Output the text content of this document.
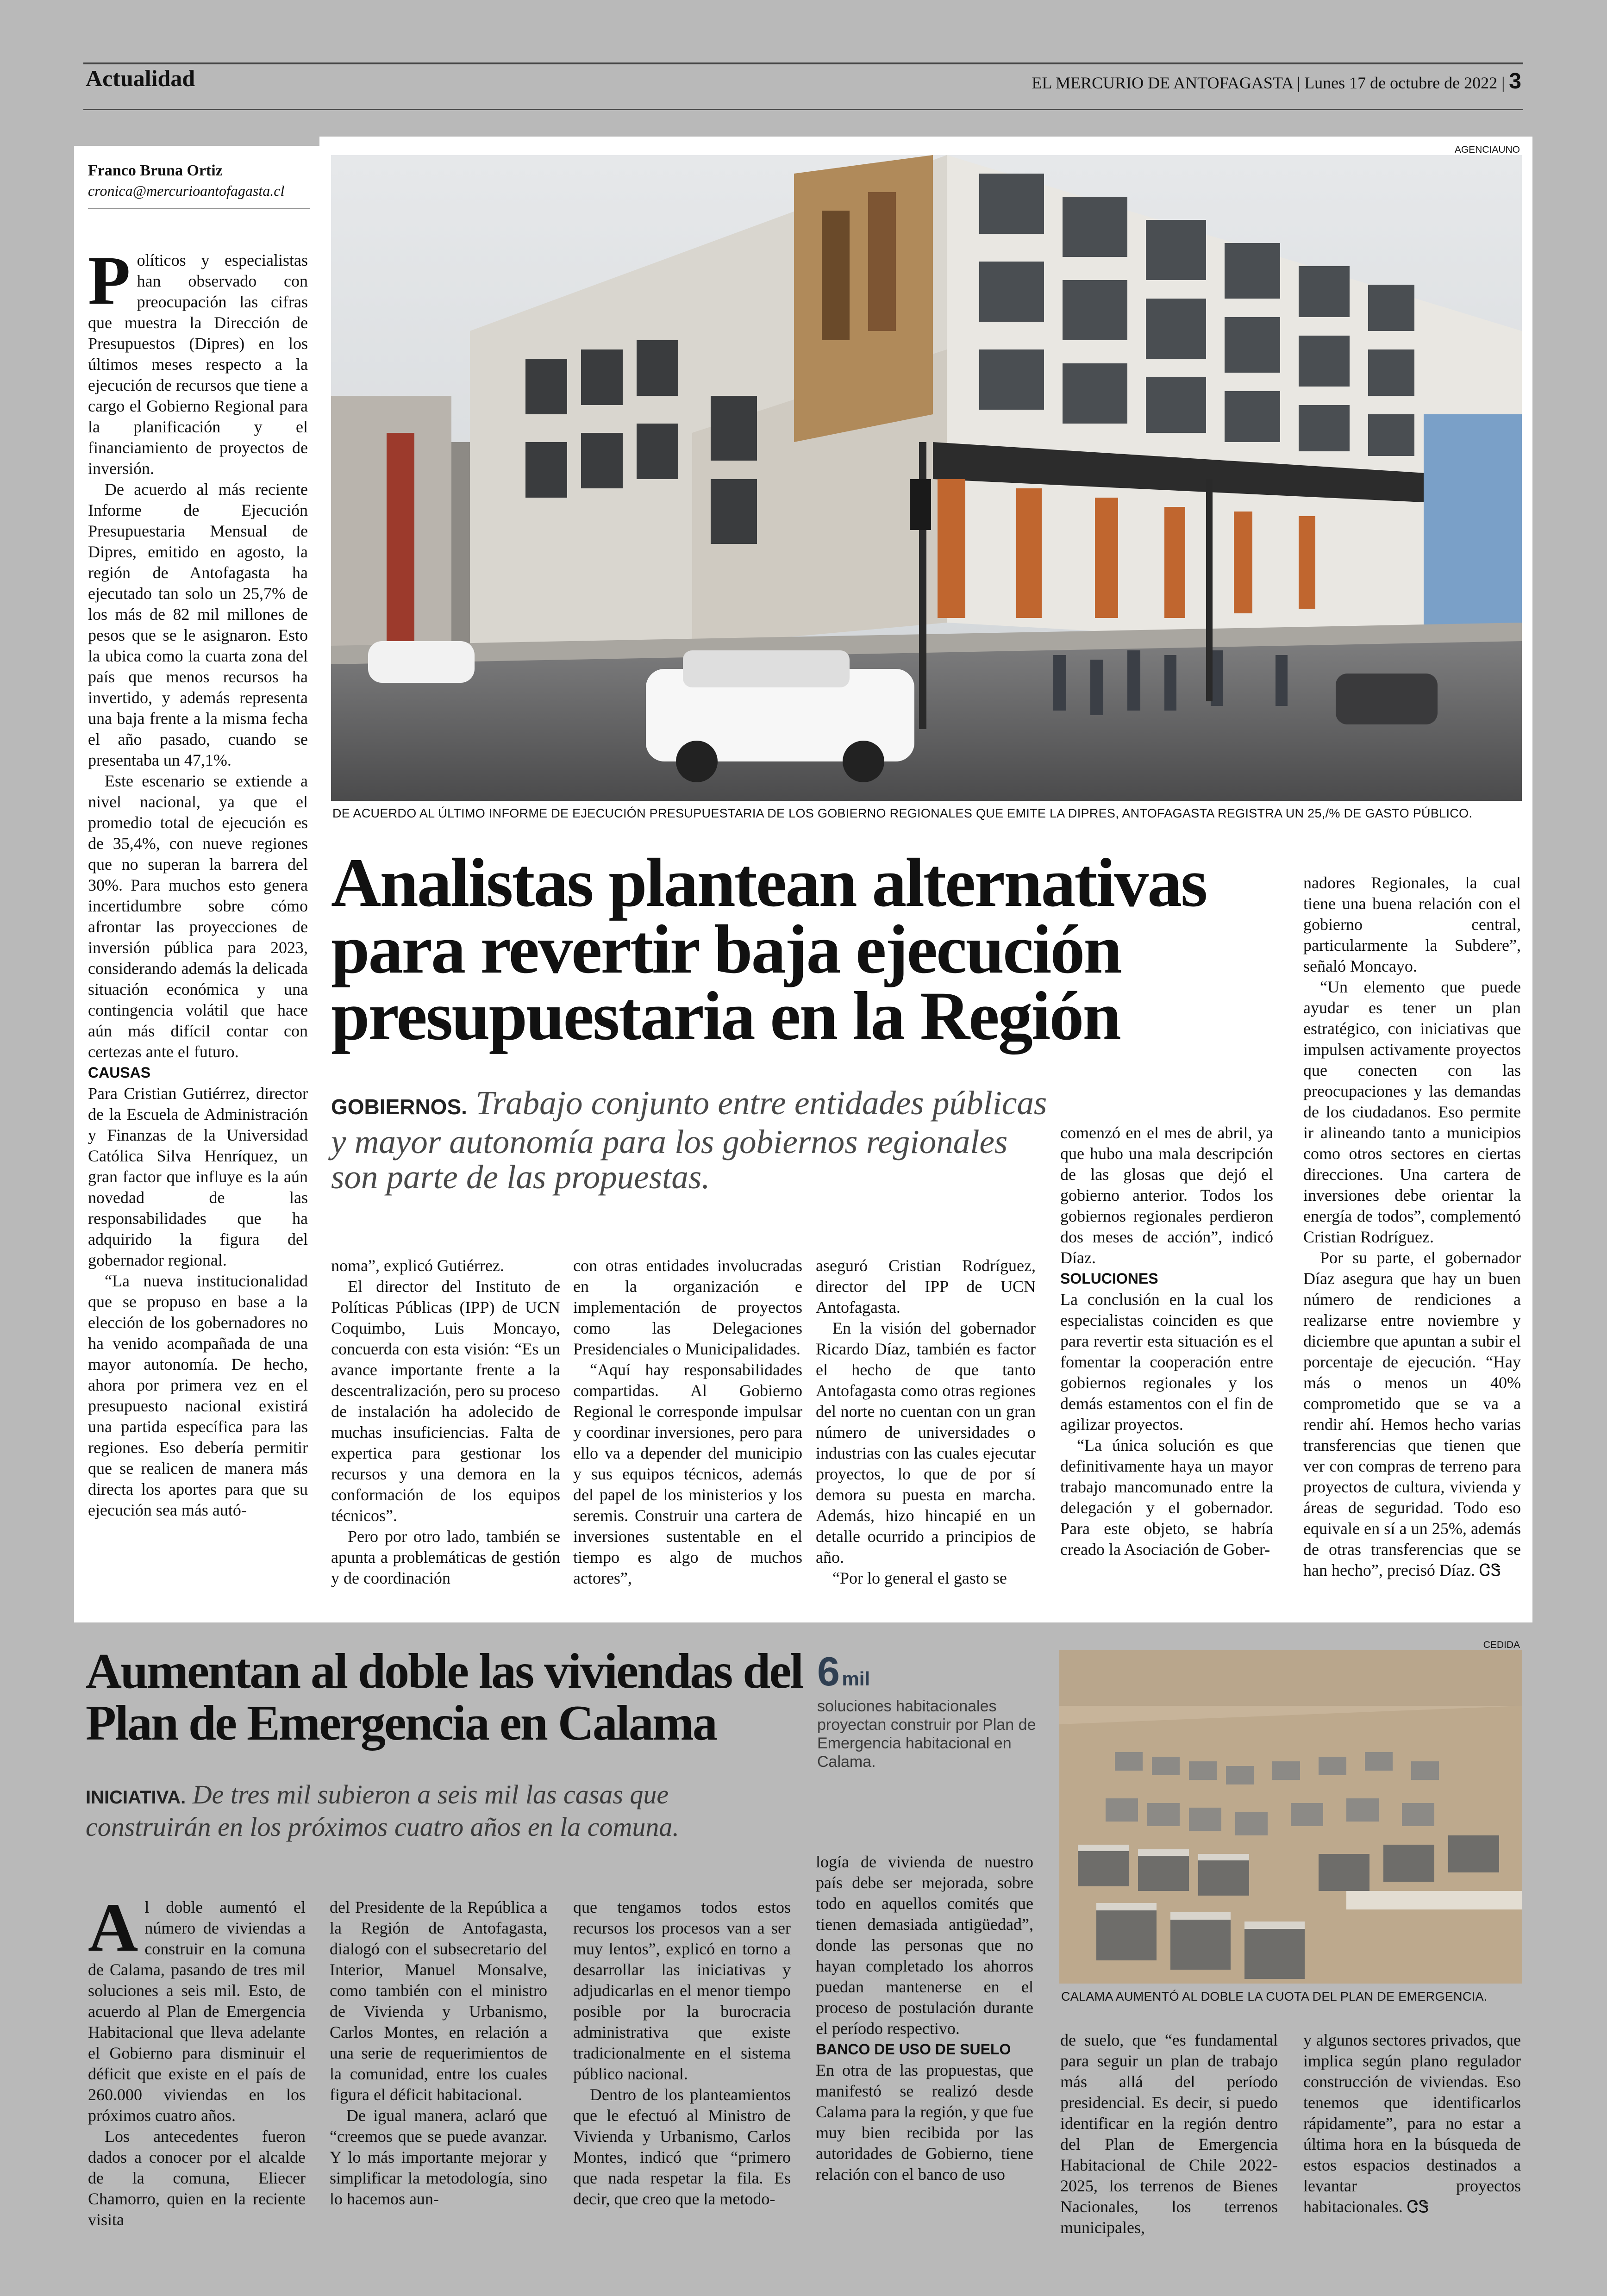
Actualidad	EL MERCURIO DE ANTOFAGASTA | Lunes 17 de octubre de 2022 | 3
Franco Bruna Ortiz
cronica@mercurioantofagasta.cl
AGENCIAUNO
DE ACUERDO AL ÚLTIMO INFORME DE EJECUCIÓN PRESUPUESTARIA DE LOS GOBIERNO REGIONALES QUE EMITE LA DIPRES, ANTOFAGASTA REGISTRA UN 25,/% DE GASTO PÚBLICO.
Analistas plantean alternativas para revertir baja ejecución presupuestaria en la Región
GOBIERNOS. Trabajo conjunto entre entidades públicas y mayor autonomía para los gobiernos regionales son parte de las propuestas.
P olíticos y especialistas han observado con preocupación las cifras que muestra la Dirección de Presupuestos (Dipres) en los últimos meses respecto a la ejecución de recursos que tiene a cargo el Gobierno Regional para la planificación y el financiamiento de proyectos de inversión.

De acuerdo al más reciente Informe de Ejecución Presupuestaria Mensual de Dipres, emitido en agosto, la región de Antofagasta ha ejecutado tan solo un 25,7% de los más de 82 mil millones de pesos que se le asignaron. Esto la ubica como la cuarta zona del país que menos recursos ha invertido, y además representa una baja frente a la misma fecha el año pasado, cuando se presentaba un 47,1%.

Este escenario se extiende a nivel nacional, ya que el promedio total de ejecución es de 35,4%, con nueve regiones que no superan la barrera del 30%. Para muchos esto genera incertidumbre sobre cómo afrontar las proyecciones de inversión pública para 2023, considerando además la delicada situación económica y una contingencia volátil que hace aún más difícil contar con certezas ante el futuro.

CAUSAS

Para Cristian Gutiérrez, director de la Escuela de Administración y Finanzas de la Universidad Católica Silva Henríquez, un gran factor que influye es la aún novedad de las responsabilidades que ha adquirido la figura del gobernador regional.

“La nueva institucionalidad que se propuso en base a la elección de los gobernadores no ha venido acompañada de una mayor autonomía. De hecho, ahora por primera vez en el presupuesto nacional existirá una partida específica para las regiones. Eso debería permitir que se realicen de manera más directa los aportes para que su ejecución sea más autó-

noma”, explicó Gutiérrez.

El director del Instituto de Políticas Públicas (IPP) de UCN Coquimbo, Luis Moncayo, concuerda con esta visión: “Es un avance importante frente a la descentralización, pero su proceso de instalación ha adolecido de muchas insuficiencias. Falta de expertica para gestionar los recursos y una demora en la conformación de los equipos técnicos”.

Pero por otro lado, también se apunta a problemáticas de gestión y de coordinación

con otras entidades involucradas en la organización e implementación de proyectos como las Delegaciones Presidenciales o Municipalidades.

“Aquí hay responsabilidades compartidas. Al Gobierno Regional le corresponde impulsar y coordinar inversiones, pero para ello va a depender del municipio y sus equipos técnicos, además del papel de los ministerios y los seremis. Construir una cartera de inversiones sustentable en el tiempo es algo de muchos actores”,

aseguró Cristian Rodríguez, director del IPP de UCN Antofagasta.

En la visión del gobernador Ricardo Díaz, también es factor el hecho de que tanto Antofagasta como otras regiones del norte no cuentan con un gran número de universidades o industrias con las cuales ejecutar proyectos, lo que de por sí demora su puesta en marcha. Además, hizo hincapié en un detalle ocurrido a principios de año.

“Por lo general el gasto se

comenzó en el mes de abril, ya que hubo una mala descripción de las glosas que dejó el gobierno anterior. Todos los gobiernos regionales perdieron dos meses de acción”, indicó Díaz.

SOLUCIONES

La conclusión en la cual los especialistas coinciden es que para revertir esta situación es el fomentar la cooperación entre gobiernos regionales y los demás estamentos con el fin de agilizar proyectos.

“La única solución es que definitivamente haya un mayor trabajo mancomunado entre la delegación y el gobernador. Para este objeto, se habría creado la Asociación de Gober-

nadores Regionales, la cual tiene una buena relación con el gobierno central, particularmente la Subdere”, señaló Moncayo.

“Un elemento que puede ayudar es tener un plan estratégico, con iniciativas que impulsen activamente proyectos que conecten con las preocupaciones y las demandas de los ciudadanos. Eso permite ir alineando tanto a municipios como otros sectores en ciertas direcciones. Una cartera de inversiones debe orientar la energía de todos”, complementó Cristian Rodríguez.

Por su parte, el gobernador Díaz asegura que hay un buen número de rendiciones a realizarse entre noviembre y diciembre que apuntan a subir el porcentaje de ejecución. “Hay más o menos un 40% comprometido que se va a rendir ahí. Hemos hecho varias transferencias que tienen que ver con compras de terreno para proyectos de cultura, vivienda y áreas de seguridad. Todo eso equivale en sí a un 25%, además de otras transferencias que se han hecho”, precisó Díaz. ᏣᏕ

Aumentan al doble las viviendas del Plan de Emergencia en Calama
INICIATIVA. De tres mil subieron a seis mil las casas que construirán en los próximos cuatro años en la comuna.
6 mil
soluciones habitacionales proyectan construir por Plan de Emergencia habitacional en Calama.
CEDIDA
CALAMA AUMENTÓ AL DOBLE LA CUOTA DEL PLAN DE EMERGENCIA.
A l doble aumentó el número de viviendas a construir en la comuna de Calama, pasando de tres mil soluciones a seis mil. Esto, de acuerdo al Plan de Emergencia Habitacional que lleva adelante el Gobierno para disminuir el déficit que existe en el país de 260.000 viviendas en los próximos cuatro años.

Los antecedentes fueron dados a conocer por el alcalde de la comuna, Eliecer Chamorro, quien en la reciente visita

del Presidente de la República a la Región de Antofagasta, dialogó con el subsecretario del Interior, Manuel Monsalve, como también con el ministro de Vivienda y Urbanismo, Carlos Montes, en relación a una serie de requerimientos de la comunidad, entre los cuales figura el déficit habitacional.

De igual manera, aclaró que “creemos que se puede avanzar. Y lo más importante mejorar y simplificar la metodología, sino lo hacemos aun-

que tengamos todos estos recursos los procesos van a ser muy lentos”, explicó en torno a desarrollar las iniciativas y adjudicarlas en el menor tiempo posible por la burocracia administrativa que existe tradicionalmente en el sistema público nacional.

Dentro de los planteamientos que le efectuó al Ministro de Vivienda y Urbanismo, Carlos Montes, indicó que “primero que nada respetar la fila. Es decir, que creo que la metodo-

logía de vivienda de nuestro país debe ser mejorada, sobre todo en aquellos comités que tienen demasiada antigüedad”, donde las personas que no hayan completado los ahorros puedan mantenerse en el proceso de postulación durante el período respectivo.

BANCO DE USO DE SUELO

En otra de las propuestas, que manifestó se realizó desde Calama para la región, y que fue muy bien recibida por las autoridades de Gobierno, tiene relación con el banco de uso

de suelo, que “es fundamental para seguir un plan de trabajo más allá del período presidencial. Es decir, si puedo identificar en la región dentro del Plan de Emergencia Habitacional de Chile 2022-2025, los terrenos de Bienes Nacionales, los terrenos municipales,

y algunos sectores privados, que implica según plano regulador construcción de viviendas. Eso tenemos que identificarlos rápidamente”, para no estar a última hora en la búsqueda de estos espacios destinados a levantar proyectos habitacionales. ᏣᏕ
